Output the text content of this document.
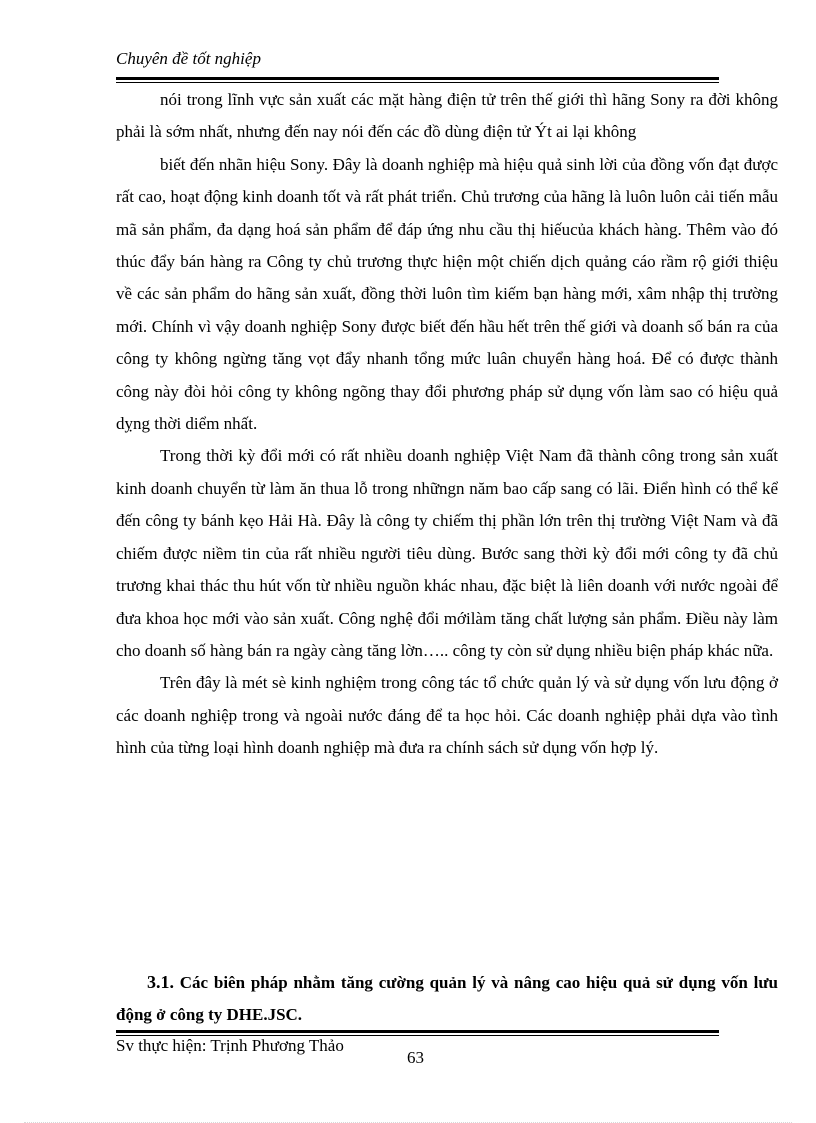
Chuyên đề tốt nghiệp

nói trong lĩnh vực sản xuất các mặt hàng điện tử trên thế giới thì hãng Sony ra đời không phải là sớm nhất, nhưng đến nay nói đến các đồ dùng điện tử Ýt ai lại không

biết đến nhãn hiệu Sony. Đây là doanh nghiệp mà hiệu quả sinh lời của đồng vốn đạt được rất cao, hoạt động kinh doanh tốt và rất phát triển. Chủ trương của hãng là luôn luôn cải tiến mẫu mã sản phẩm, đa dạng hoá sản phẩm để đáp ứng nhu cầu thị hiếucủa khách hàng. Thêm vào đó thúc đẩy bán hàng ra Công ty chủ trương thực hiện một chiến dịch quảng cáo rầm rộ giới thiệu về các sản phẩm do hãng sản xuất, đồng thời luôn tìm kiếm bạn hàng mới, xâm nhập thị trường mới. Chính vì vậy doanh nghiệp Sony được biết đến hầu hết trên thế giới và doanh số bán ra của công ty không ngừng tăng vọt đẩy nhanh tổng mức luân chuyển hàng hoá. Để có được thành công này đòi hỏi công ty không ngõng thay đổi phương pháp sử dụng vốn làm sao có hiệu quả dỵng thời diểm nhất.

Trong thời kỳ đổi mới có rất nhiều doanh nghiệp Việt Nam đã thành công trong sản xuất kinh doanh chuyển từ làm ăn thua lỗ trong nhữngn năm bao cấp sang có lãi. Điển hình có thể kể đến công ty bánh kẹo Hải Hà. Đây là công ty chiếm thị phần lớn trên thị trường Việt Nam và đã chiếm được niềm tin của rất nhiều người tiêu dùng. Bước sang thời kỳ đổi mới công ty đã chủ trương khai thác thu hút vốn từ nhiều nguồn khác nhau, đặc biệt là liên doanh với nước ngoài để đưa khoa học mới vào sản xuất. Công nghệ đổi mớilàm tăng chất lượng sản phẩm. Điều này làm cho doanh số hàng bán ra ngày càng tăng lờn….. công ty còn sử dụng nhiều biện pháp khác nữa.

Trên đây là mét sè kinh nghiệm trong công tác tổ chức quản lý và sử dụng vốn lưu động ở các doanh nghiệp trong và ngoài nước đáng để ta học hỏi. Các doanh nghiệp phải dựa vào tình hình của từng loại hình doanh nghiệp mà đưa ra chính sách sử dụng vốn hợp lý.

3.1. Các biên pháp nhằm tăng cường quản lý và nâng cao hiệu quả sử dụng vốn lưu động ở công ty DHE.JSC.
Sv thực hiện: Trịnh Phương Thảo
63
